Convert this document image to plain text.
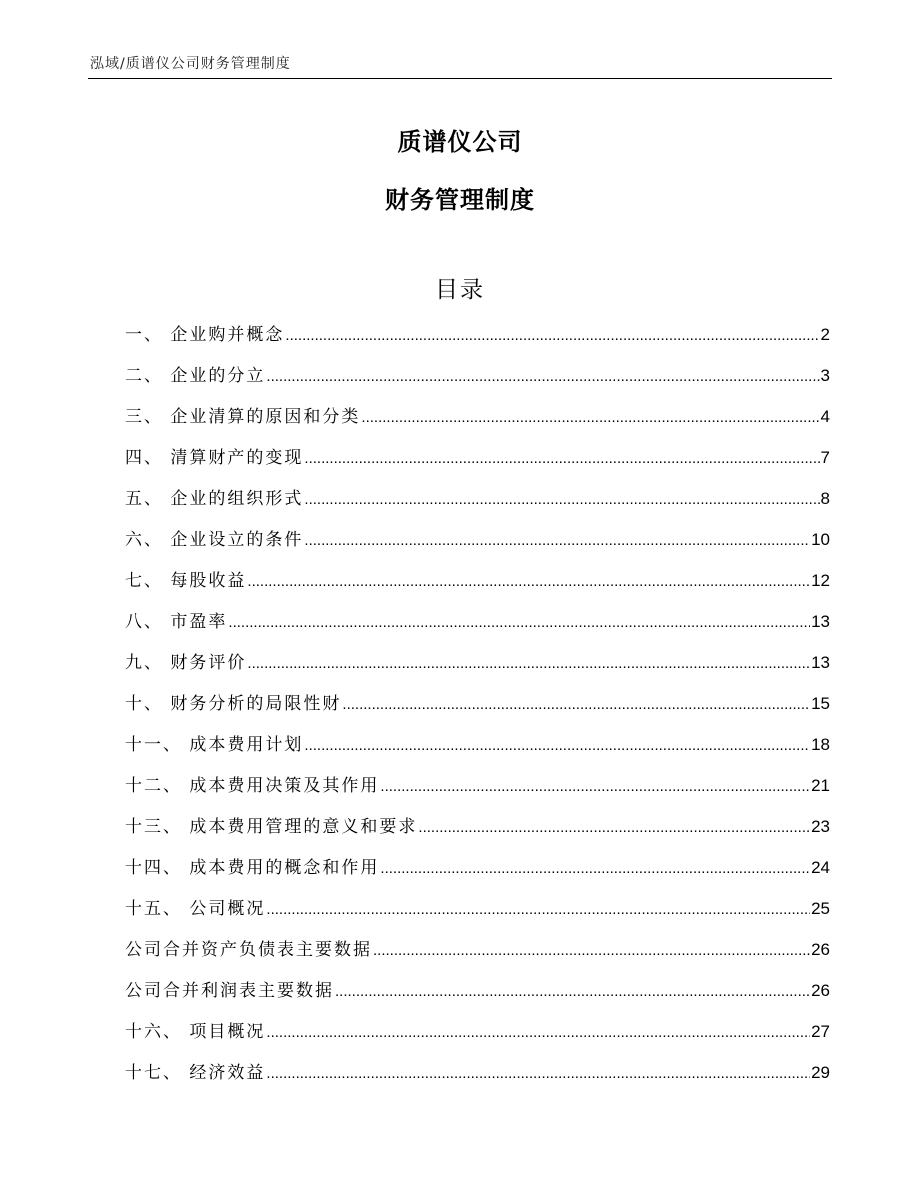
泓域/质谱仪公司财务管理制度
质谱仪公司
财务管理制度
目录
一、 企业购并概念 .....	2
二、 企业的分立 .....	3
三、 企业清算的原因和分类 .....	4
四、 清算财产的变现 .....	7
五、 企业的组织形式 .....	8
六、 企业设立的条件 .....	10
七、 每股收益 .....	12
八、 市盈率 .....	13
九、 财务评价 .....	13
十、 财务分析的局限性财 .....	15
十一、 成本费用计划 .....	18
十二、 成本费用决策及其作用 .....	21
十三、 成本费用管理的意义和要求 .....	23
十四、 成本费用的概念和作用 .....	24
十五、 公司概况 .....	25
公司合并资产负债表主要数据 .....	26
公司合并利润表主要数据 .....	26
十六、 项目概况 .....	27
十七、 经济效益 .....	29
